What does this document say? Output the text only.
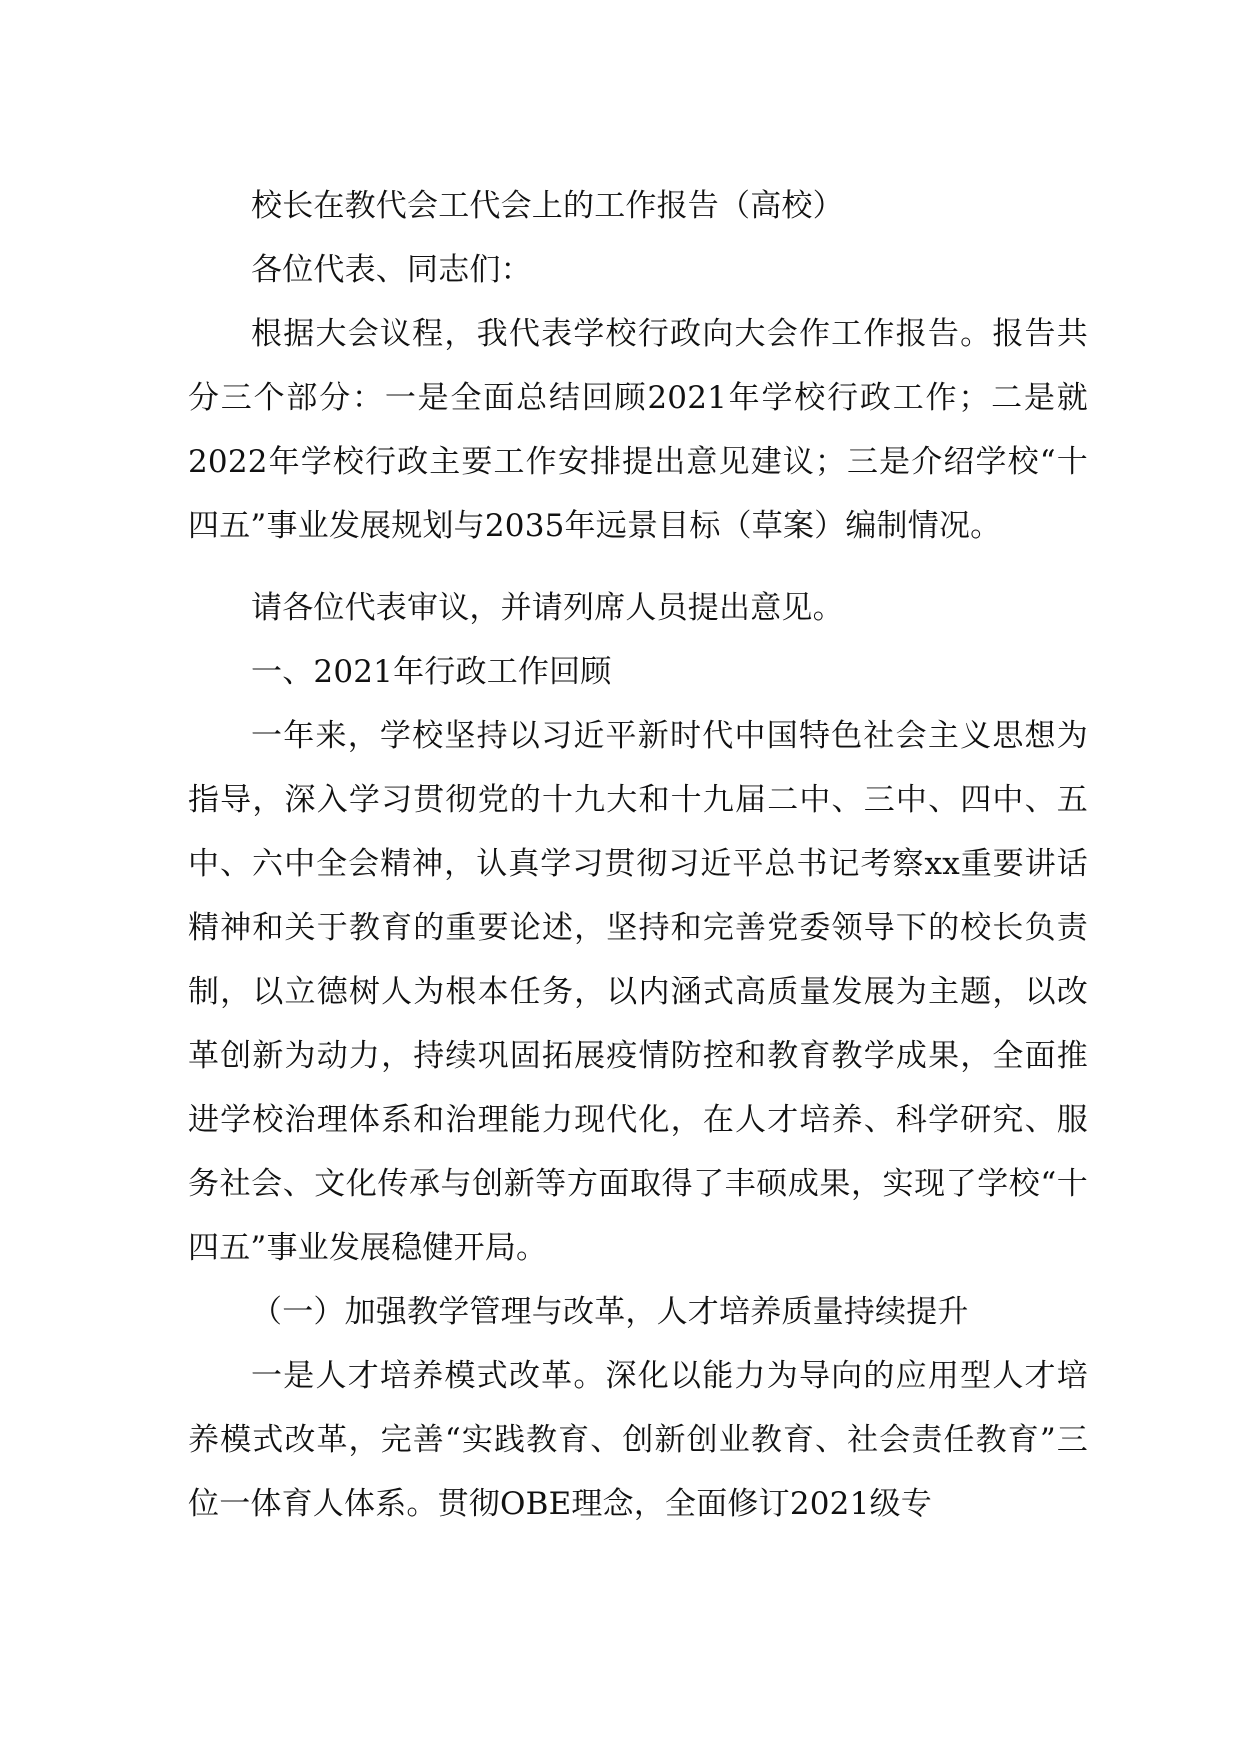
校长在教代会工代会上的工作报告（高校）

各位代表、同志们：

根据大会议程，我代表学校行政向大会作工作报告。报告共分三个部分：一是全面总结回顾2021年学校行政工作；二是就2022年学校行政主要工作安排提出意见建议；三是介绍学校“十四五”事业发展规划与2035年远景目标（草案）编制情况。

请各位代表审议，并请列席人员提出意见。

一、2021年行政工作回顾

一年来，学校坚持以习近平新时代中国特色社会主义思想为指导，深入学习贯彻党的十九大和十九届二中、三中、四中、五中、六中全会精神，认真学习贯彻习近平总书记考察xx重要讲话精神和关于教育的重要论述，坚持和完善党委领导下的校长负责制，以立德树人为根本任务，以内涵式高质量发展为主题，以改革创新为动力，持续巩固拓展疫情防控和教育教学成果，全面推进学校治理体系和治理能力现代化，在人才培养、科学研究、服务社会、文化传承与创新等方面取得了丰硕成果，实现了学校“十四五”事业发展稳健开局。

（一）加强教学管理与改革，人才培养质量持续提升

一是人才培养模式改革。深化以能力为导向的应用型人才培养模式改革，完善“实践教育、创新创业教育、社会责任教育”三位一体育人体系。贯彻OBE理念，全面修订2021级专
